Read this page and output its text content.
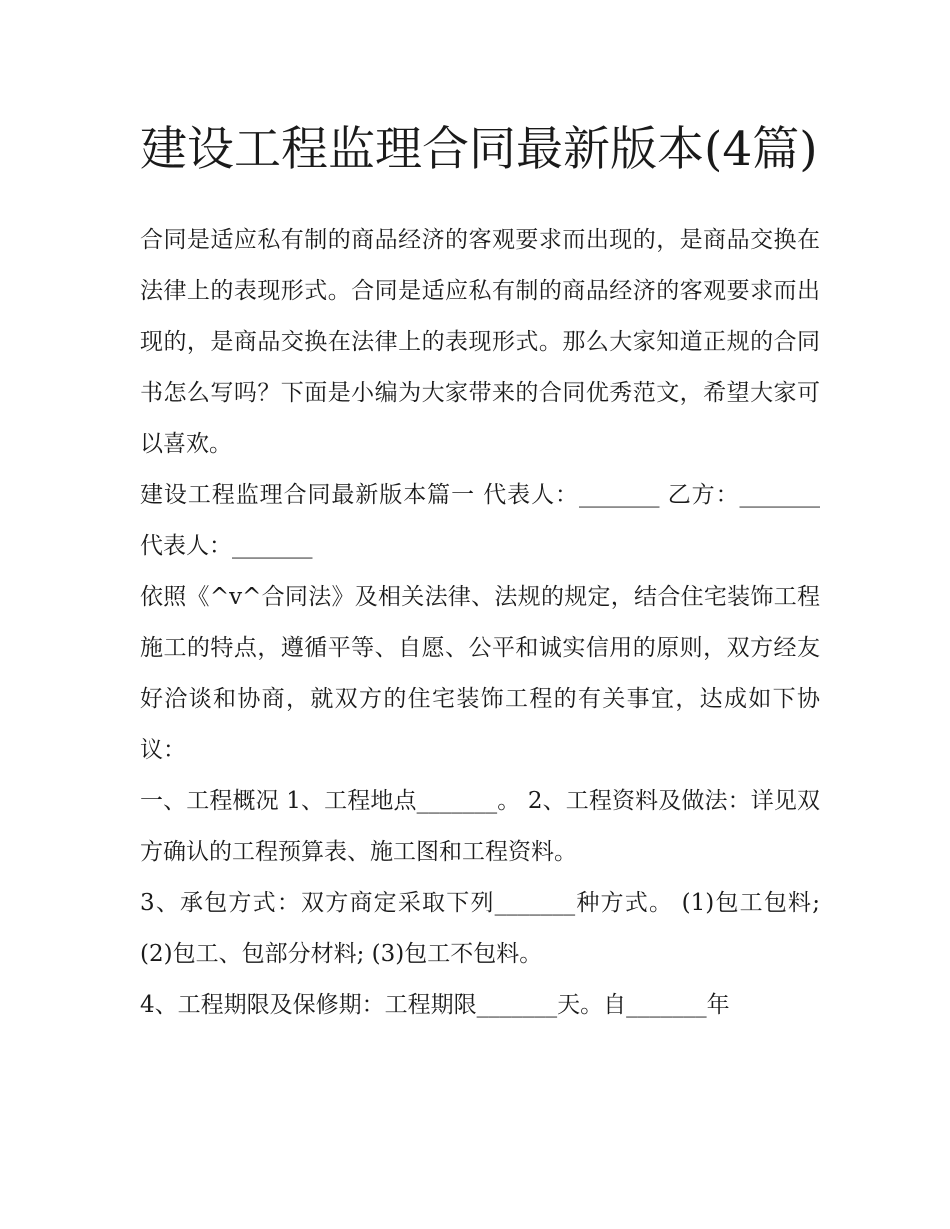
建设工程监理合同最新版本(4篇)

合同是适应私有制的商品经济的客观要求而出现的，是商品交换在法律上的表现形式。合同是适应私有制的商品经济的客观要求而出现的，是商品交换在法律上的表现形式。那么大家知道正规的合同书怎么写吗？下面是小编为大家带来的合同优秀范文，希望大家可以喜欢。

建设工程监理合同最新版本篇一 代表人：_______ 乙方：_______ 代表人：_______

依照《^v^合同法》及相关法律、法规的规定，结合住宅装饰工程施工的特点，遵循平等、自愿、公平和诚实信用的原则，双方经友好洽谈和协商，就双方的住宅装饰工程的有关事宜，达成如下协议：

一、工程概况 1、工程地点_______。 2、工程资料及做法：详见双方确认的工程预算表、施工图和工程资料。

3、承包方式：双方商定采取下列_______种方式。 (1)包工包料; (2)包工、包部分材料; (3)包工不包料。

4、工程期限及保修期：工程期限_______天。自_______年
